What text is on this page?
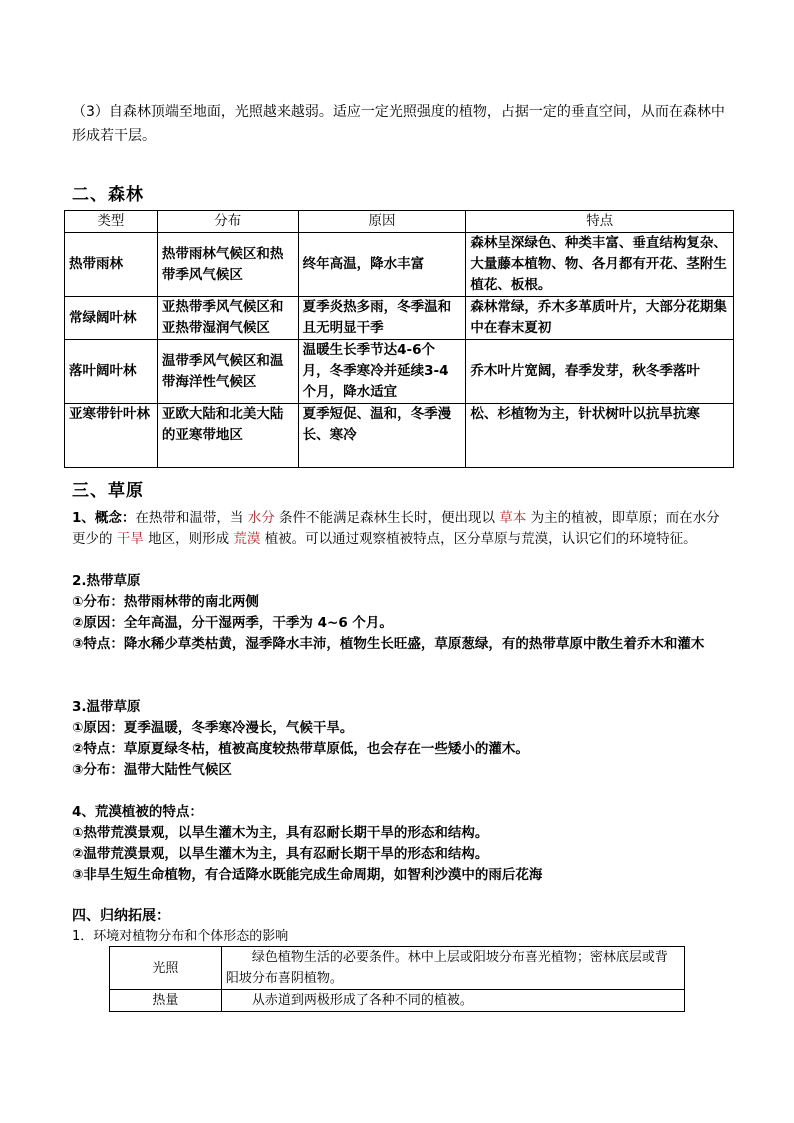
（3）自森林顶端至地面，光照越来越弱。适应一定光照强度的植物，占据一定的垂直空间，从而在森林中形成若干层。
二、森林
类型	分布	原因	特点
热带雨林	热带雨林气候区和热带季风气候区	终年高温，降水丰富	森林呈深绿色、种类丰富、垂直结构复杂、大量藤本植物、物、各月都有开花、茎附生植花、板根。
常绿阔叶林	亚热带季风气候区和亚热带湿润气候区	夏季炎热多雨，冬季温和且无明显干季	森林常绿，乔木多革质叶片，大部分花期集中在春末夏初
落叶阔叶林	温带季风气候区和温带海洋性气候区	温暖生长季节达4-6个月，冬季寒冷并延续3-4个月，降水适宜	乔木叶片宽阔，春季发芽，秋冬季落叶
亚寒带针叶林	亚欧大陆和北美大陆的亚寒带地区	夏季短促、温和，冬季漫长、寒冷	松、杉植物为主，针状树叶以抗旱抗寒
三、草原
1、概念：在热带和温带，当 水分 条件不能满足森林生长时，便出现以 草本 为主的植被，即草原；而在水分更少的 干旱 地区，则形成 荒漠 植被。可以通过观察植被特点，区分草原与荒漠，认识它们的环境特征。
2.热带草原
①分布：热带雨林带的南北两侧
②原因：全年高温，分干湿两季，干季为 4~6 个月。
③特点：降水稀少草类枯黄，湿季降水丰沛，植物生长旺盛，草原葱绿，有的热带草原中散生着乔木和灌木
3.温带草原
①原因：夏季温暖，冬季寒冷漫长，气候干旱。
②特点：草原夏绿冬枯，植被高度较热带草原低，也会存在一些矮小的灌木。
③分布：温带大陆性气候区
4、荒漠植被的特点：
①热带荒漠景观，以旱生灌木为主，具有忍耐长期干旱的形态和结构。
②温带荒漠景观，以旱生灌木为主，具有忍耐长期干旱的形态和结构。
③非旱生短生命植物，有合适降水既能完成生命周期，如智利沙漠中的雨后花海
四、归纳拓展：
1．环境对植物分布和个体形态的影响
光照	绿色植物生活的必要条件。林中上层或阳坡分布喜光植物；密林底层或背阳坡分布喜阴植物。
热量	从赤道到两极形成了各种不同的植被。
